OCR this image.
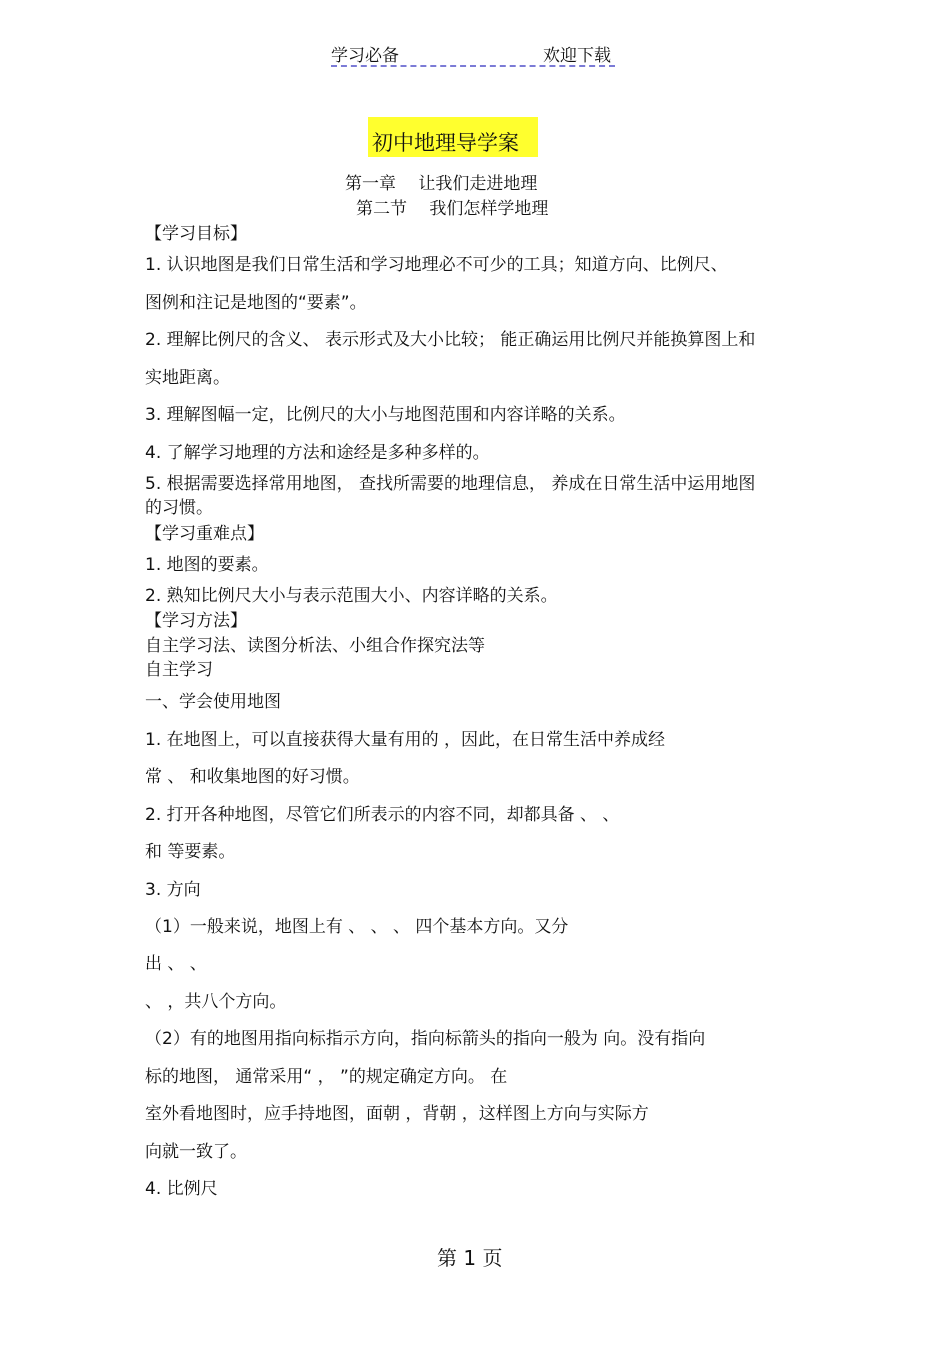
学习必备	欢迎下载
初中地理导学案
第一章　 让我们走进地理
第二节　 我们怎样学地理
【学习目标】
1. 认识地图是我们日常生活和学习地理必不可少的工具；知道方向、比例尺、
图例和注记是地图的“要素”。
2. 理解比例尺的含义、 表示形式及大小比较； 能正确运用比例尺并能换算图上和
实地距离。
3. 理解图幅一定，比例尺的大小与地图范围和内容详略的关系。
4. 了解学习地理的方法和途经是多种多样的。
5. 根据需要选择常用地图， 查找所需要的地理信息， 养成在日常生活中运用地图
的习惯。
【学习重难点】
1. 地图的要素。
2. 熟知比例尺大小与表示范围大小、内容详略的关系。
【学习方法】
自主学习法、读图分析法、小组合作探究法等
自主学习
一、学会使用地图
1. 在地图上，可以直接获得大量有用的 ，因此，在日常生活中养成经
常 、 和收集地图的好习惯。
2. 打开各种地图，尽管它们所表示的内容不同，却都具备 、 、
和 等要素。
3. 方向
（1）一般来说，地图上有 、 、 、 四个基本方向。又分
出 、 、
、 ，共八个方向。
（2）有的地图用指向标指示方向，指向标箭头的指向一般为 向。没有指向
标的地图， 通常采用“ ， ”的规定确定方向。 在
室外看地图时，应手持地图，面朝 ，背朝 ，这样图上方向与实际方
向就一致了。
4. 比例尺
第 1 页
